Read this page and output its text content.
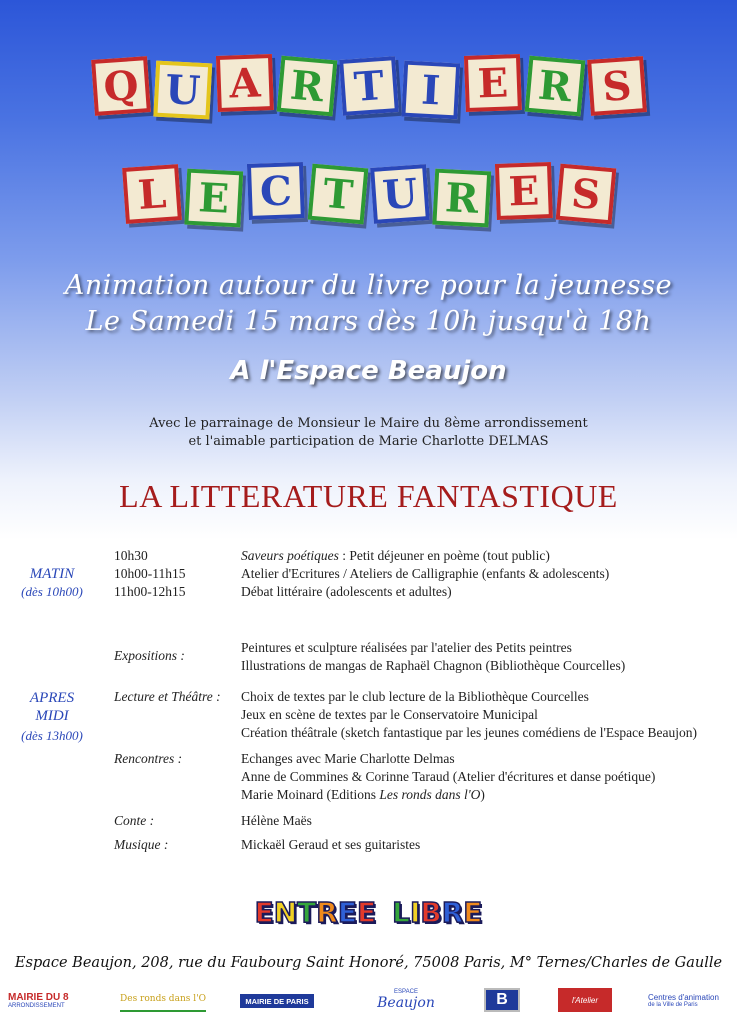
Q U A R T I E R S
L E C T U R E S
Animation autour du livre pour la jeunesse
Le Samedi 15 mars dès 10h jusqu'à 18h
A l'Espace Beaujon
Avec le parrainage de Monsieur le Maire du 8ème arrondissement
et l'aimable participation de Marie Charlotte DELMAS
LA LITTERATURE FANTASTIQUE
MATIN
(dès 10h00)
10h30	Saveurs poétiques : Petit déjeuner en poème (tout public)
10h00-11h15	Atelier d'Ecritures / Ateliers de Calligraphie (enfants & adolescents)
11h00-12h15	Débat littéraire (adolescents et adultes)
APRES
MIDI
(dès 13h00)
Expositions :
Peintures et sculpture réalisées par l'atelier des Petits peintres
Illustrations de mangas de Raphaël Chagnon (Bibliothèque Courcelles)
Lecture et Théâtre : Choix de textes par le club lecture de la Bibliothèque Courcelles
Jeux en scène de textes par le Conservatoire Municipal
Création théâtrale (sketch fantastique par les jeunes comédiens de l'Espace Beaujon)
Rencontres :	Echanges avec Marie Charlotte Delmas
Anne de Commines & Corinne Taraud (Atelier d'écritures et danse poétique)
Marie Moinard (Editions Les ronds dans l'O)
Conte :	Hélène Maës
Musique :	Mickaël Geraud et ses guitaristes
E N T R E E L I B R E
Espace Beaujon, 208, rue du Faubourg Saint Honoré, 75008 Paris, M° Ternes/Charles de Gaulle
MAIRIE DU 8
ARRONDISSEMENT
Des ronds dans l'O	MAIRIE DE PARIS
ESPACE
Beaujon	B	l'Atelier	Centres d'animation
de la Ville de Paris
